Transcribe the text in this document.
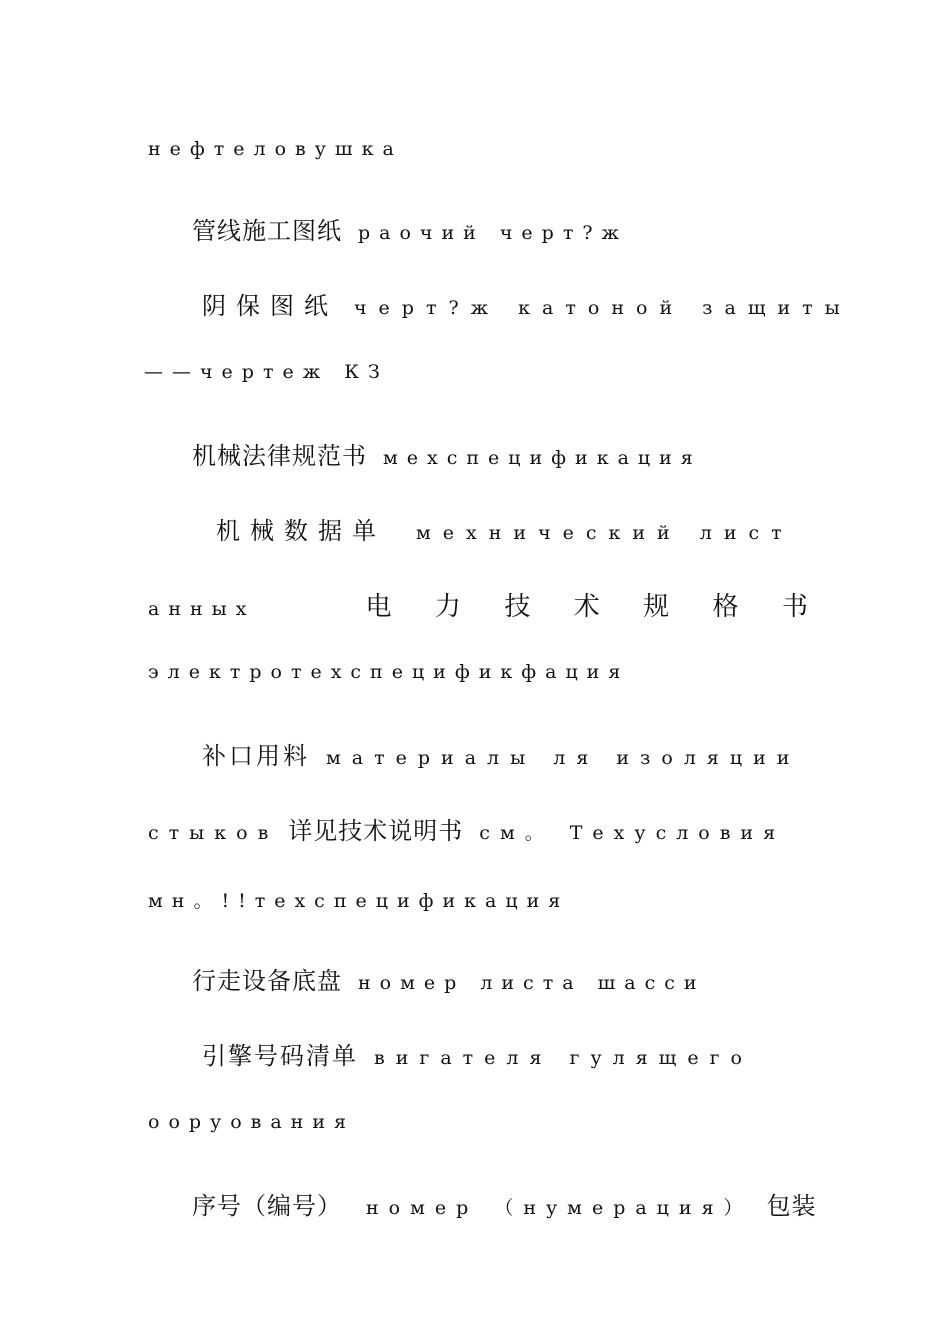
нефтеловушка
管线施工图纸 раочий черт?ж
阴保图纸 черт?ж катоной защиты
——чертеж КЗ
机械法律规范书 мехспецификация
机械数据单 мехнический лист
анных	电 力 技 术 规 格 书
электротехспецификфация
补口用料 материалы ля изоляции
стыков 详见技术说明书 см。 Техусловия
мн。!!техспецификация
行走设备底盘 номер листа шасси
引擎号码清单 вигателя гулящего
ооруования
序号（编号） номер （нумерация） 包装
